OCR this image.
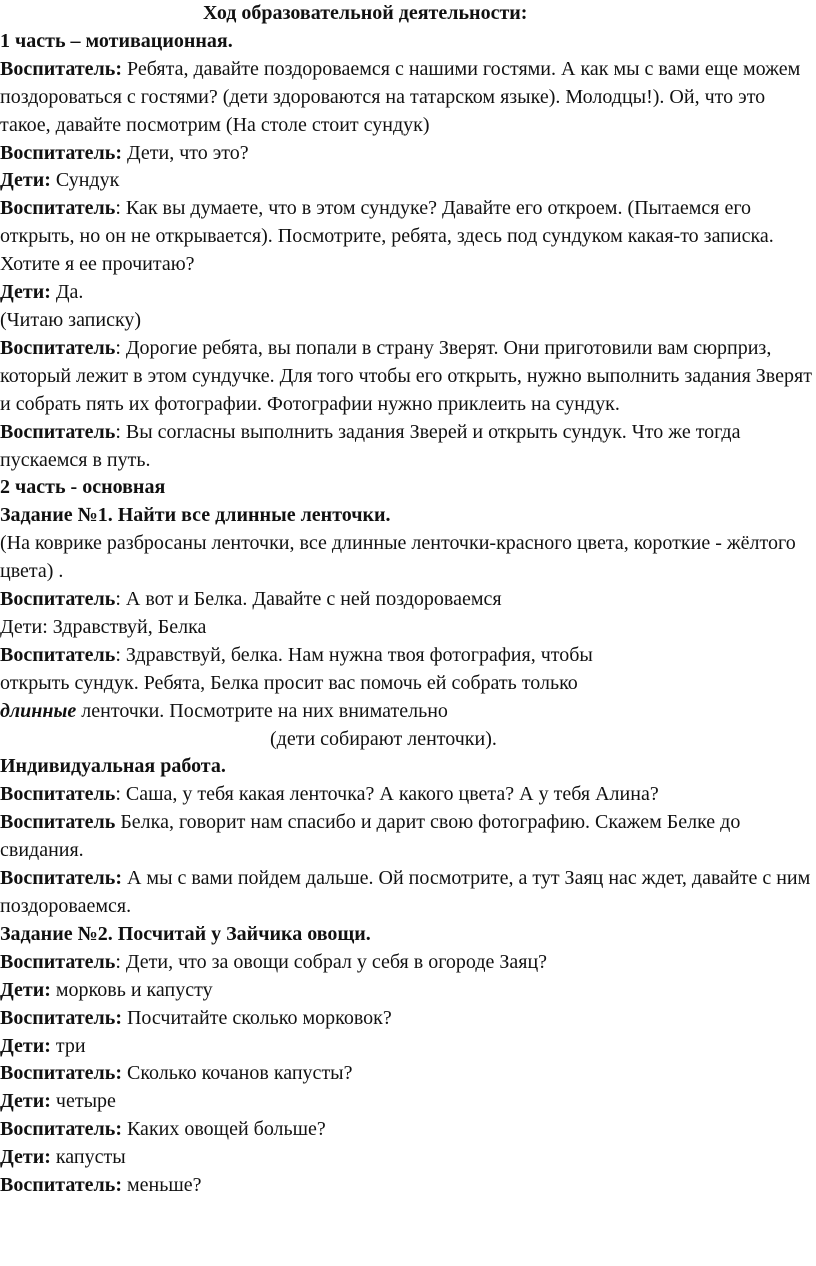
Ход образовательной деятельности:
1 часть – мотивационная.
Воспитатель: Ребята, давайте поздороваемся с нашими гостями. А как мы с вами еще можем поздороваться с гостями? (дети здороваются на татарском языке). Молодцы!). Ой, что это такое, давайте посмотрим (На столе стоит сундук)
Воспитатель: Дети, что это?
Дети: Сундук
Воспитатель: Как вы думаете, что в этом сундуке? Давайте его откроем. (Пытаемся его открыть, но он не открывается). Посмотрите, ребята, здесь под сундуком какая-то записка. Хотите я ее прочитаю?
Дети: Да.
(Читаю записку)
Воспитатель: Дорогие ребята, вы попали в страну Зверят. Они приготовили вам сюрприз, который лежит в этом сундучке. Для того чтобы его открыть, нужно выполнить задания Зверят и собрать пять их фотографии. Фотографии нужно приклеить на сундук.
Воспитатель: Вы согласны выполнить задания Зверей и открыть сундук. Что же тогда пускаемся в путь.
2 часть - основная
Задание №1. Найти все длинные ленточки.
(На коврике разбросаны ленточки, все длинные ленточки-красного цвета, короткие - жёлтого цвета) .
Воспитатель: А вот и Белка. Давайте с ней поздороваемся
Дети: Здравствуй, Белка
Воспитатель: Здравствуй, белка. Нам нужна твоя фотография, чтобы
открыть сундук. Ребята, Белка просит вас помочь ей собрать только
длинные ленточки. Посмотрите на них внимательно
(дети собирают ленточки).
Индивидуальная работа.
Воспитатель: Саша, у тебя какая ленточка? А какого цвета? А у тебя Алина?
Воспитатель Белка, говорит нам спасибо и дарит свою фотографию. Скажем Белке до свидания.
Воспитатель: А мы с вами пойдем дальше. Ой посмотрите, а тут Заяц нас ждет, давайте с ним поздороваемся.
Задание №2. Посчитай у Зайчика овощи.
Воспитатель: Дети, что за овощи собрал у себя в огороде Заяц?
Дети: морковь и капусту
Воспитатель: Посчитайте сколько морковок?
Дети: три
Воспитатель: Сколько кочанов капусты?
Дети: четыре
Воспитатель: Каких овощей больше?
Дети: капусты
Воспитатель: меньше?
